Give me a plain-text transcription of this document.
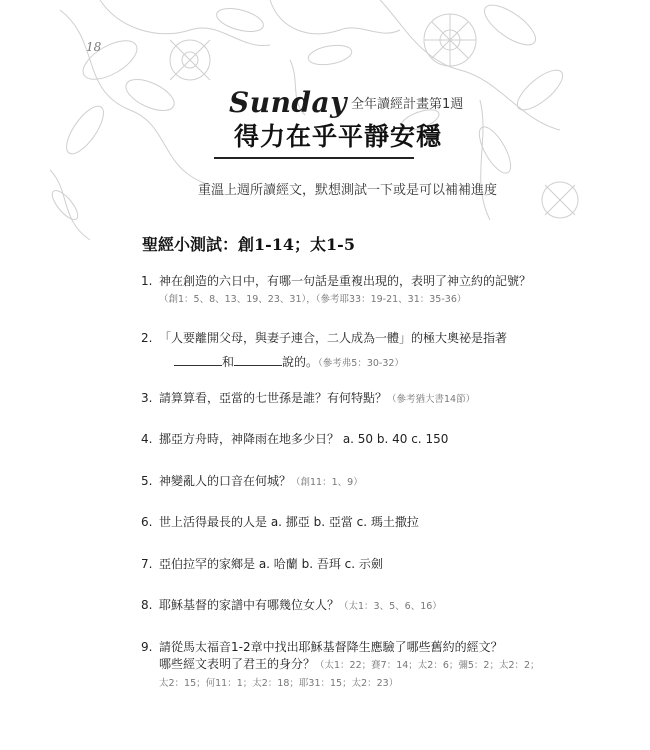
18
Sunday $^{全年讀經計畫第1週}$
得力在乎平靜安穩
重溫上週所讀經文，默想測試一下或是可以補補進度
聖經小測試：創1-14；太1-5
1. 神在創造的六日中，有哪一句話是重複出現的，表明了神立約的記號？
（創1：5、8、13、19、23、31），（參考耶33：19-21、31：35-36）
2. 「人要離開父母，與妻子連合，二人成為一體」的極大奧祕是指著
和	說的。（參考弗5：30-32）
3. 請算算看，亞當的七世孫是誰？有何特點？（參考猶大書14節）
4. 挪亞方舟時，神降雨在地多少日？ a. 50 b. 40 c. 150
5. 神變亂人的口音在何城？（創11：1、9）
6. 世上活得最長的人是 a. 挪亞 b. 亞當 c. 瑪土撒拉
7. 亞伯拉罕的家鄉是 a. 哈蘭 b. 吾珥 c. 示劍
8. 耶穌基督的家譜中有哪幾位女人？（太1：3、5、6、16）
9. 請從馬太福音1-2章中找出耶穌基督降生應驗了哪些舊約的經文？
哪些經文表明了君王的身分？（太1：22；賽7：14；太2：6；彌5：2；太2：2；
太2：15；何11：1；太2：18；耶31：15；太2：23）
